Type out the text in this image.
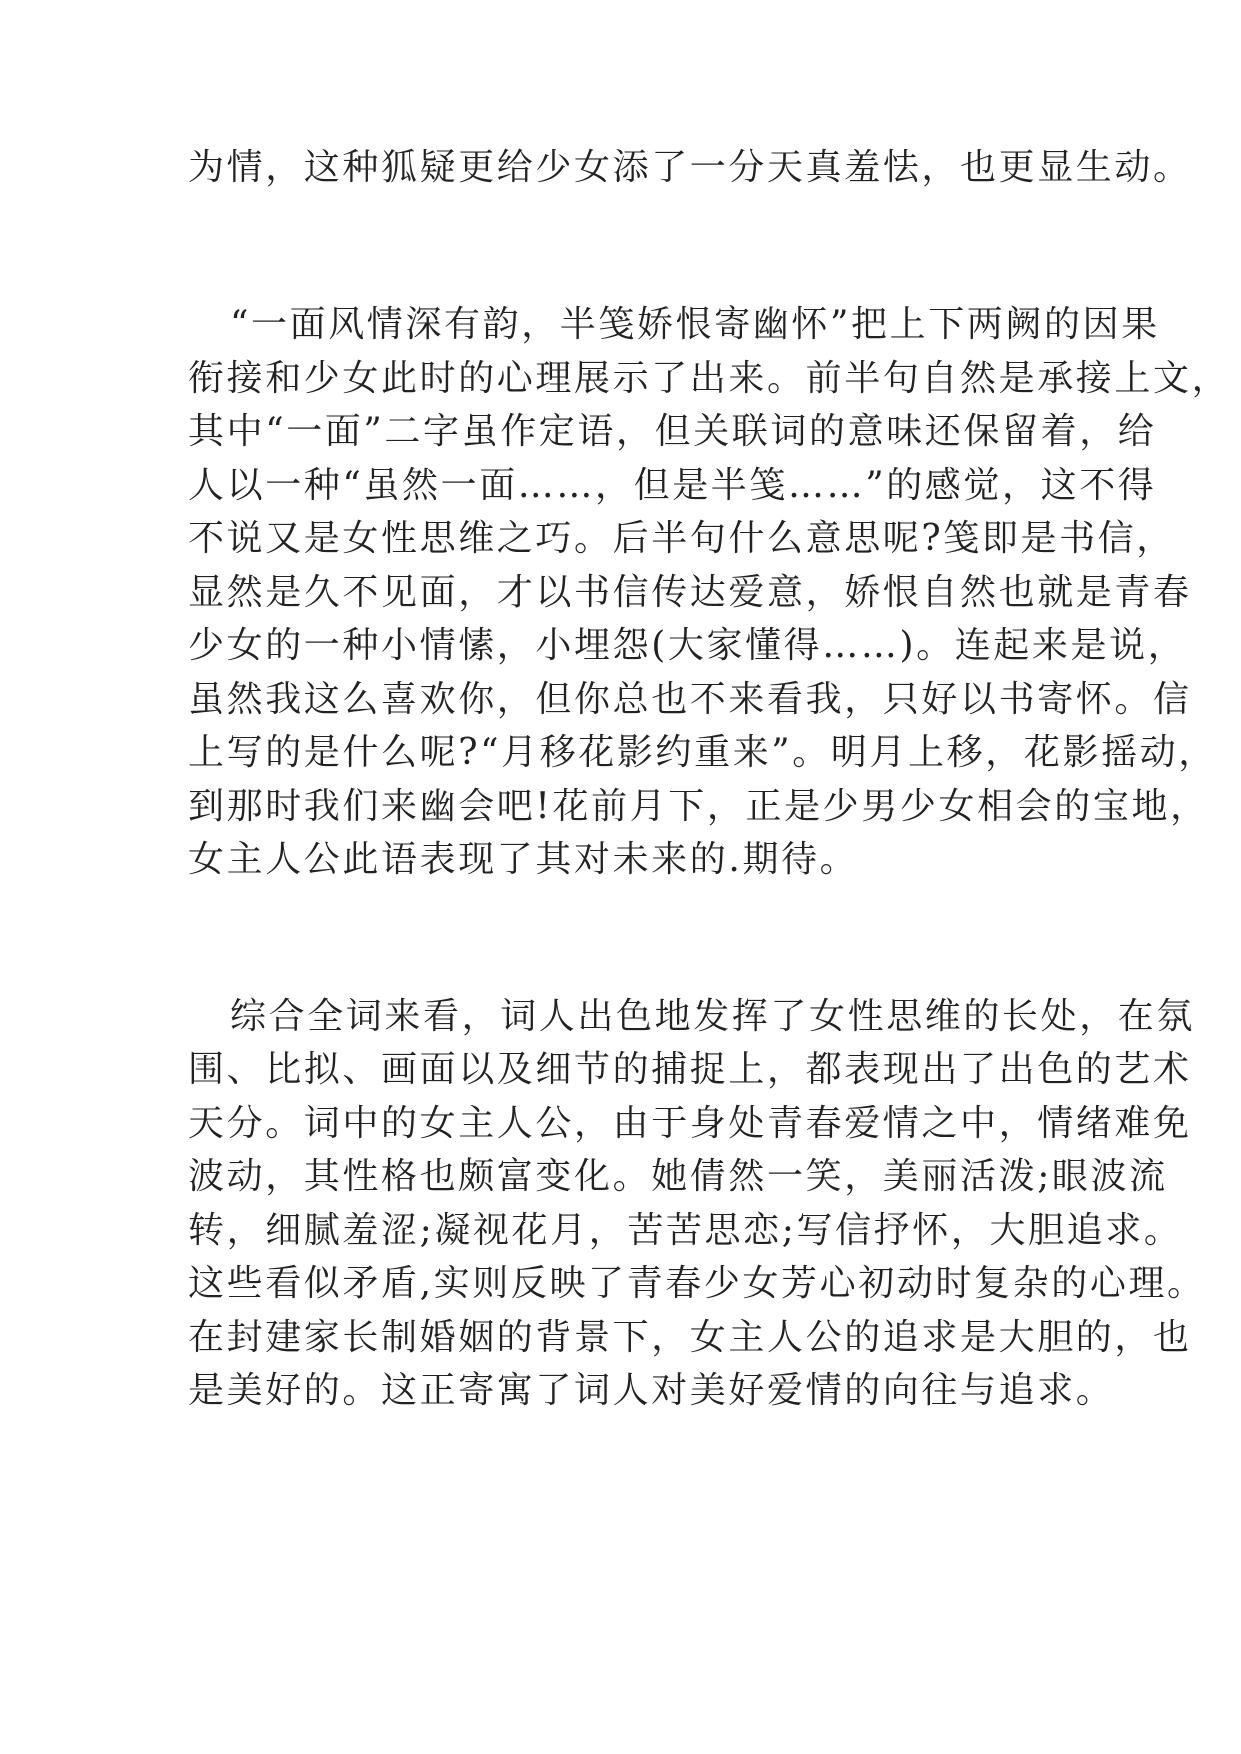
为情，这种狐疑更给少女添了一分天真羞怯，也更显生动。

“一面风情深有韵，半笺娇恨寄幽怀”把上下两阙的因果

衔接和少女此时的心理展示了出来。前半句自然是承接上文，

其中“一面”二字虽作定语，但关联词的意味还保留着，给

人以一种“虽然一面……，但是半笺……”的感觉，这不得

不说又是女性思维之巧。后半句什么意思呢?笺即是书信，

显然是久不见面，才以书信传达爱意，娇恨自然也就是青春

少女的一种小情愫，小埋怨(大家懂得……)。连起来是说，

虽然我这么喜欢你，但你总也不来看我，只好以书寄怀。信

上写的是什么呢?“月移花影约重来”。明月上移，花影摇动，

到那时我们来幽会吧!花前月下，正是少男少女相会的宝地，

女主人公此语表现了其对未来的.期待。

综合全词来看，词人出色地发挥了女性思维的长处，在氛

围、比拟、画面以及细节的捕捉上，都表现出了出色的艺术

天分。词中的女主人公，由于身处青春爱情之中，情绪难免

波动，其性格也颇富变化。她倩然一笑，美丽活泼;眼波流

转，细腻羞涩;凝视花月，苦苦思恋;写信抒怀，大胆追求。

这些看似矛盾,实则反映了青春少女芳心初动时复杂的心理。

在封建家长制婚姻的背景下，女主人公的追求是大胆的，也

是美好的。这正寄寓了词人对美好爱情的向往与追求。
